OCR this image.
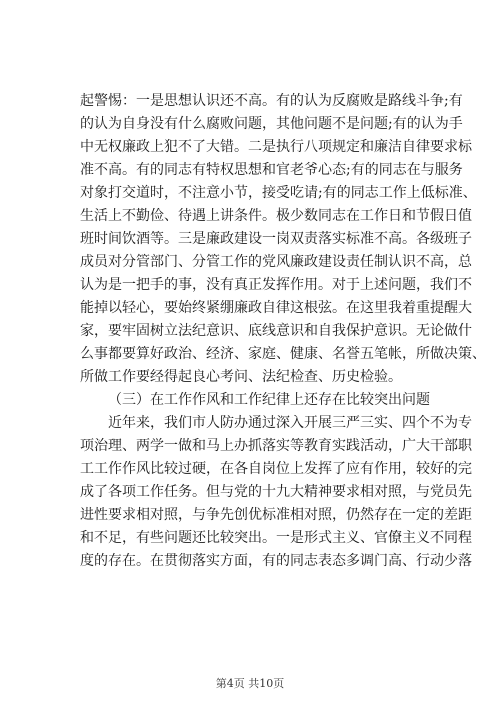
起警惕：一是思想认识还不高。有的认为反腐败是路线斗争;有
的认为自身没有什么腐败问题，其他问题不是问题;有的认为手
中无权廉政上犯不了大错。二是执行八项规定和廉洁自律要求标
准不高。有的同志有特权思想和官老爷心态;有的同志在与服务
对象打交道时，不注意小节，接受吃请;有的同志工作上低标准、
生活上不勤俭、待遇上讲条件。极少数同志在工作日和节假日值
班时间饮酒等。三是廉政建设一岗双责落实标准不高。各级班子
成员对分管部门、分管工作的党风廉政建设责任制认识不高，总
认为是一把手的事，没有真正发挥作用。对于上述问题，我们不
能掉以轻心，要始终紧绷廉政自律这根弦。在这里我着重提醒大
家，要牢固树立法纪意识、底线意识和自我保护意识。无论做什
么事都要算好政治、经济、家庭、健康、名誉五笔帐，所做决策、
所做工作要经得起良心考问、法纪检查、历史检验。
（三）在工作作风和工作纪律上还存在比较突出问题
近年来，我们市人防办通过深入开展三严三实、四个不为专
项治理、两学一做和马上办抓落实等教育实践活动，广大干部职
工工作作风比较过硬，在各自岗位上发挥了应有作用，较好的完
成了各项工作任务。但与党的十九大精神要求相对照，与党员先
进性要求相对照，与争先创优标准相对照，仍然存在一定的差距
和不足，有些问题还比较突出。一是形式主义、官僚主义不同程
度的存在。在贯彻落实方面，有的同志表态多调门高、行动少落
第4页 共10页
